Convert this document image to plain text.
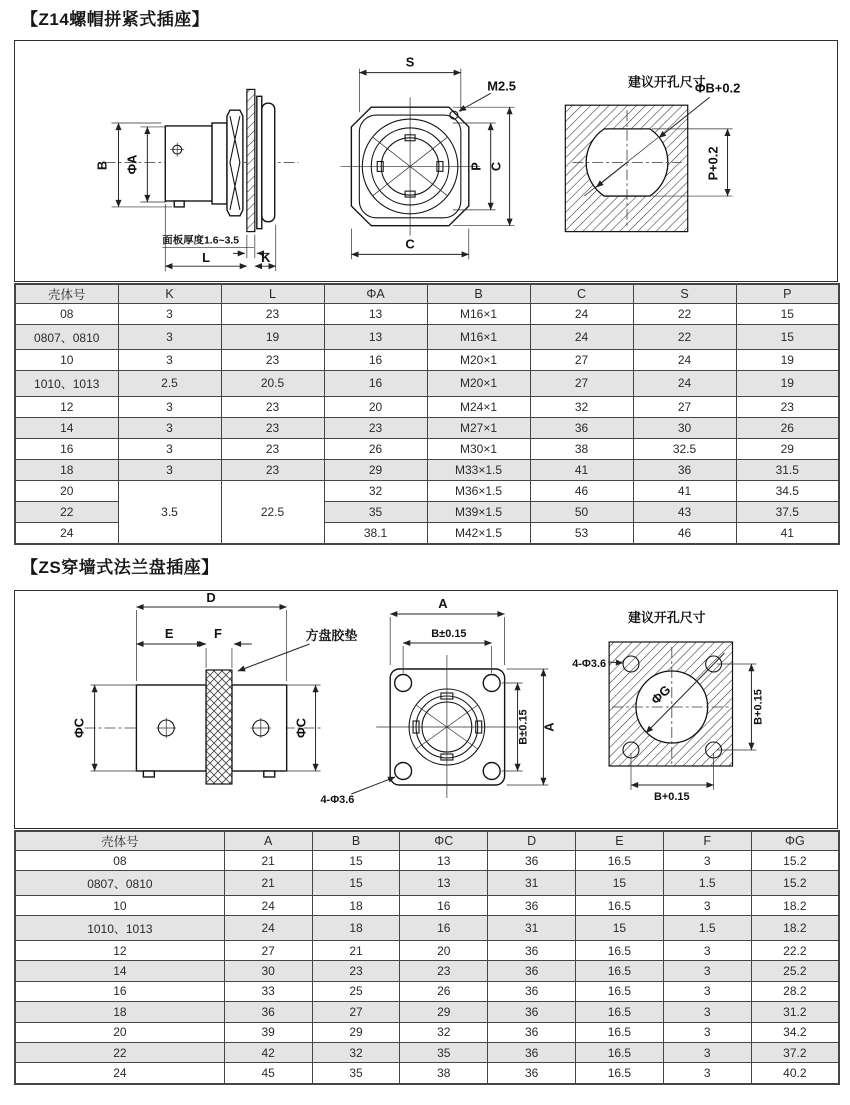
【Z14螺帽拼紧式插座】
B ΦA
面板厚度1.6~3.5
L	K
M2.5
S
C
P C
建议开孔尺寸
ΦB+0.2
P+0.2
壳体号	K	L	ΦA	B	C	S	P
08	3	23	13	M16×1	24	22	15
0807、0810	3	19	13	M16×1	24	22	15
10	3	23	16	M20×1	27	24	19
1010、1013	2.5	20.5	16	M20×1	27	24	19
12	3	23	20	M24×1	32	27	23
14	3	23	23	M27×1	36	30	26
16	3	23	26	M30×1	38	32.5	29
18	3	23	29	M33×1.5	41	36	31.5
20	3.5	22.5	32	M36×1.5	46	41	34.5
22			35	M39×1.5	50	43	37.5
24			38.1	M42×1.5	53	46	41
【ZS穿墙式法兰盘插座】
D
E	F	方盘胶垫
ΦC	ΦC
A
B±0.15
4-Φ3.6
B±0.15 A
建议开孔尺寸
ΦG
4-Φ3.6
B+0.15
B+0.15
壳体号	A	B	ΦC	D	E	F	ΦG
08	21	15	13	36	16.5	3	15.2
0807、0810	21	15	13	31	15	1.5	15.2
10	24	18	16	36	16.5	3	18.2
1010、1013	24	18	16	31	15	1.5	18.2
12	27	21	20	36	16.5	3	22.2
14	30	23	23	36	16.5	3	25.2
16	33	25	26	36	16.5	3	28.2
18	36	27	29	36	16.5	3	31.2
20	39	29	32	36	16.5	3	34.2
22	42	32	35	36	16.5	3	37.2
24	45	35	38	36	16.5	3	40.2
